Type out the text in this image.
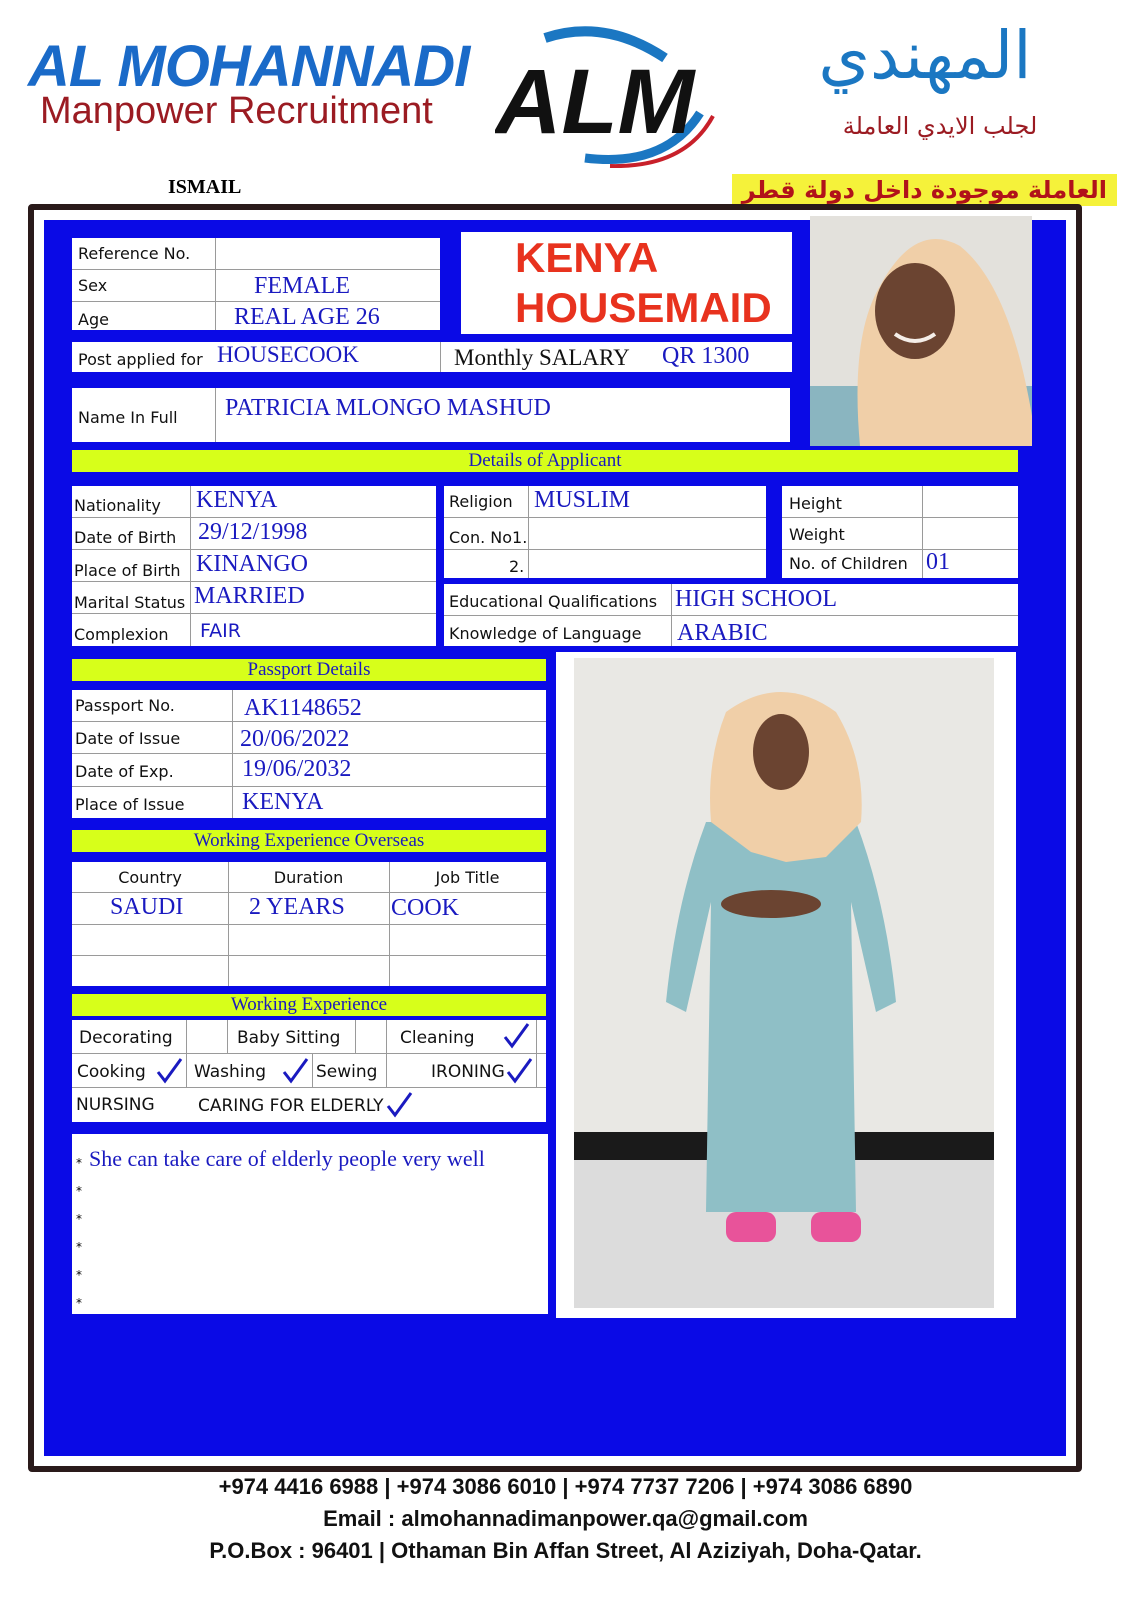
AL MOHANNADI
Manpower Recruitment ALM	المهندي
لجلب الايدي العاملة
ISMAIL	العاملة موجودة داخل دولة قطر
Reference No.
Sex	FEMALE
Age	REAL AGE 26
KENYA
HOUSEMAID
Post applied for HOUSECOOK	Monthly SALARY QR 1300
Name In Full PATRICIA MLONGO MASHUD
Details of Applicant
Nationality KENYA
Date of Birth 29/12/1998
Place of Birth KINANGO
Marital Status MARRIED
Complexion FAIR
Religion MUSLIM
Con. No1.
2.
Height
Weight
No. of Children 01
Educational Qualifications HIGH SCHOOL
Knowledge of Language ARABIC
Passport Details
Passport No.	AK1148652
Date of Issue 20/06/2022
Date of Exp.	19/06/2032
Place of Issue KENYA
Working Experience Overseas
Country	Duration	Job Title
SAUDI	2 YEARS COOK
Working Experience
Decorating	Baby Sitting	Cleaning
Cooking	Washing	Sewing	IRONING
NURSING	CARING FOR ELDERLY
* She can take care of elderly people very well
*
*
*
*
*
+974 4416 6988 | +974 3086 6010 | +974 7737 7206 | +974 3086 6890
Email : almohannadimanpower.qa@gmail.com
P.O.Box : 96401 | Othaman Bin Affan Street, Al Aziziyah, Doha-Qatar.
